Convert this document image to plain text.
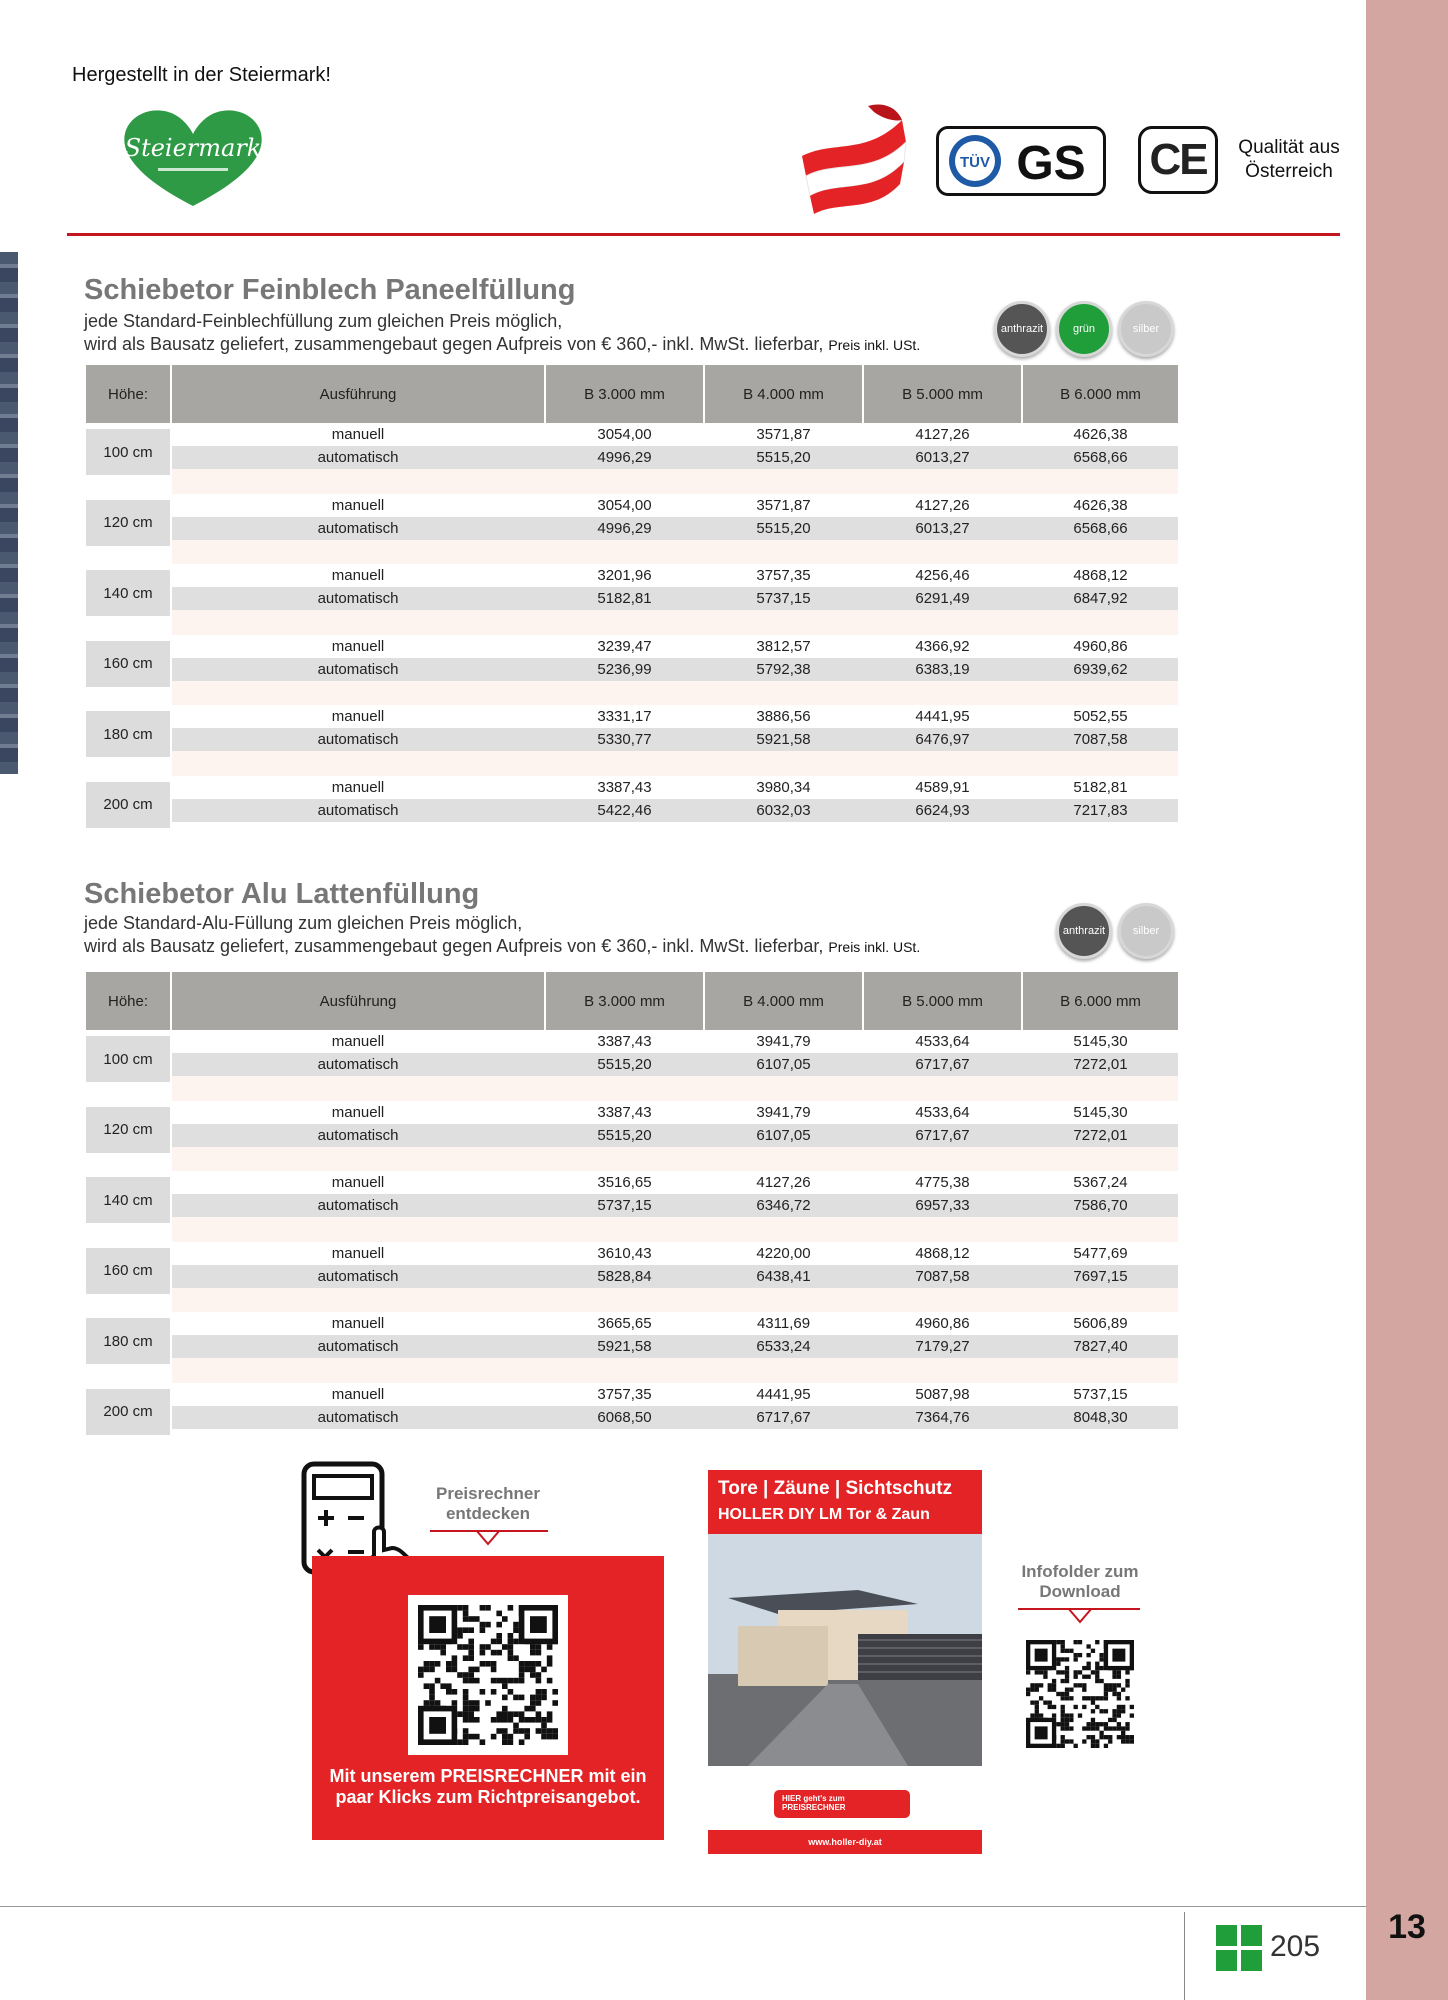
Hergestellt in der Steiermark!
Steiermark
TÜV GS CE	Qualität aus Österreich
Schiebetor Feinblech Paneelfüllung
jede Standard-Feinblechfüllung zum gleichen Preis möglich,
wird als Bausatz geliefert, zusammengebaut gegen Aufpreis von € 360,- inkl. MwSt. lieferbar, Preis inkl. USt.
anthrazit	grün	silber
Höhe:	Ausführung	B 3.000 mm	B 4.000 mm	B 5.000 mm	B 6.000 mm
100 cm
manuell	3054,00	3571,87	4127,26	4626,38
automatisch	4996,29	5515,20	6013,27	6568,66
120 cm
manuell	3054,00	3571,87	4127,26	4626,38
automatisch	4996,29	5515,20	6013,27	6568,66
140 cm
manuell	3201,96	3757,35	4256,46	4868,12
automatisch	5182,81	5737,15	6291,49	6847,92
160 cm
manuell	3239,47	3812,57	4366,92	4960,86
automatisch	5236,99	5792,38	6383,19	6939,62
180 cm
manuell	3331,17	3886,56	4441,95	5052,55
automatisch	5330,77	5921,58	6476,97	7087,58
200 cm
manuell	3387,43	3980,34	4589,91	5182,81
automatisch	5422,46	6032,03	6624,93	7217,83
Schiebetor Alu Lattenfüllung
jede Standard-Alu-Füllung zum gleichen Preis möglich,
wird als Bausatz geliefert, zusammengebaut gegen Aufpreis von € 360,- inkl. MwSt. lieferbar, Preis inkl. USt.
anthrazit	silber
Höhe:	Ausführung	B 3.000 mm	B 4.000 mm	B 5.000 mm	B 6.000 mm
100 cm
manuell	3387,43	3941,79	4533,64	5145,30
automatisch	5515,20	6107,05	6717,67	7272,01
120 cm
manuell	3387,43	3941,79	4533,64	5145,30
automatisch	5515,20	6107,05	6717,67	7272,01
140 cm
manuell	3516,65	4127,26	4775,38	5367,24
automatisch	5737,15	6346,72	6957,33	7586,70
160 cm
manuell	3610,43	4220,00	4868,12	5477,69
automatisch	5828,84	6438,41	7087,58	7697,15
180 cm
manuell	3665,65	4311,69	4960,86	5606,89
automatisch	5921,58	6533,24	7179,27	7827,40
200 cm
manuell	3757,35	4441,95	5087,98	5737,15
automatisch	6068,50	6717,67	7364,76	8048,30
Preisrechner entdecken
Mit unserem PREISRECHNER mit ein paar Klicks zum Richtpreisangebot.
Tore | Zäune | Sichtschutz
HOLLER DIY LM Tor & Zaun
HIER geht's zum PREISRECHNER
www.holler-diy.at
Infofolder zum Download
205
13
